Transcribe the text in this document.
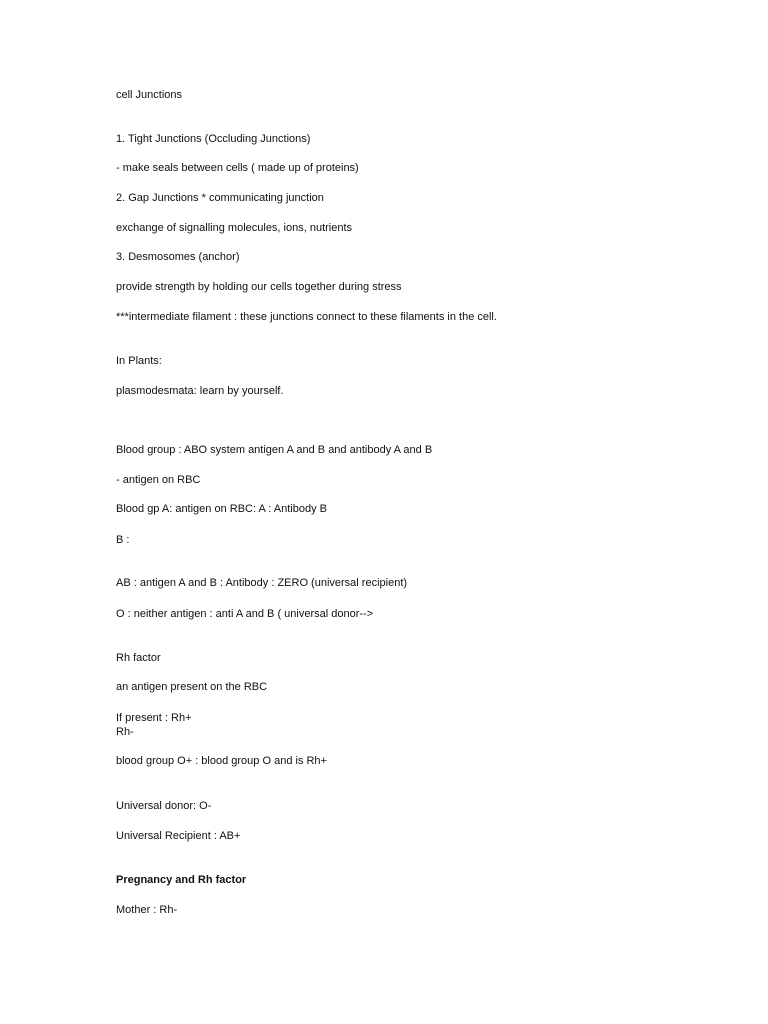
cell Junctions
1. Tight Junctions (Occluding Junctions)
- make seals between cells ( made up of proteins)
2. Gap Junctions * communicating junction
exchange of signalling molecules, ions, nutrients
3. Desmosomes (anchor)
provide strength by holding our cells together during stress
***intermediate filament : these junctions connect to these filaments in the cell.
In Plants:
plasmodesmata: learn by yourself.
Blood group : ABO system antigen A and B and antibody A and B
- antigen on RBC
Blood gp A: antigen on RBC: A : Antibody B
B :
AB : antigen A and B : Antibody : ZERO (universal recipient)
O : neither antigen : anti A and B ( universal donor-->
Rh factor
an antigen present on the RBC
If present : Rh+
Rh-
blood group O+ : blood group O and is Rh+
Universal donor: O-
Universal Recipient : AB+
Pregnancy and Rh factor
Mother : Rh-
